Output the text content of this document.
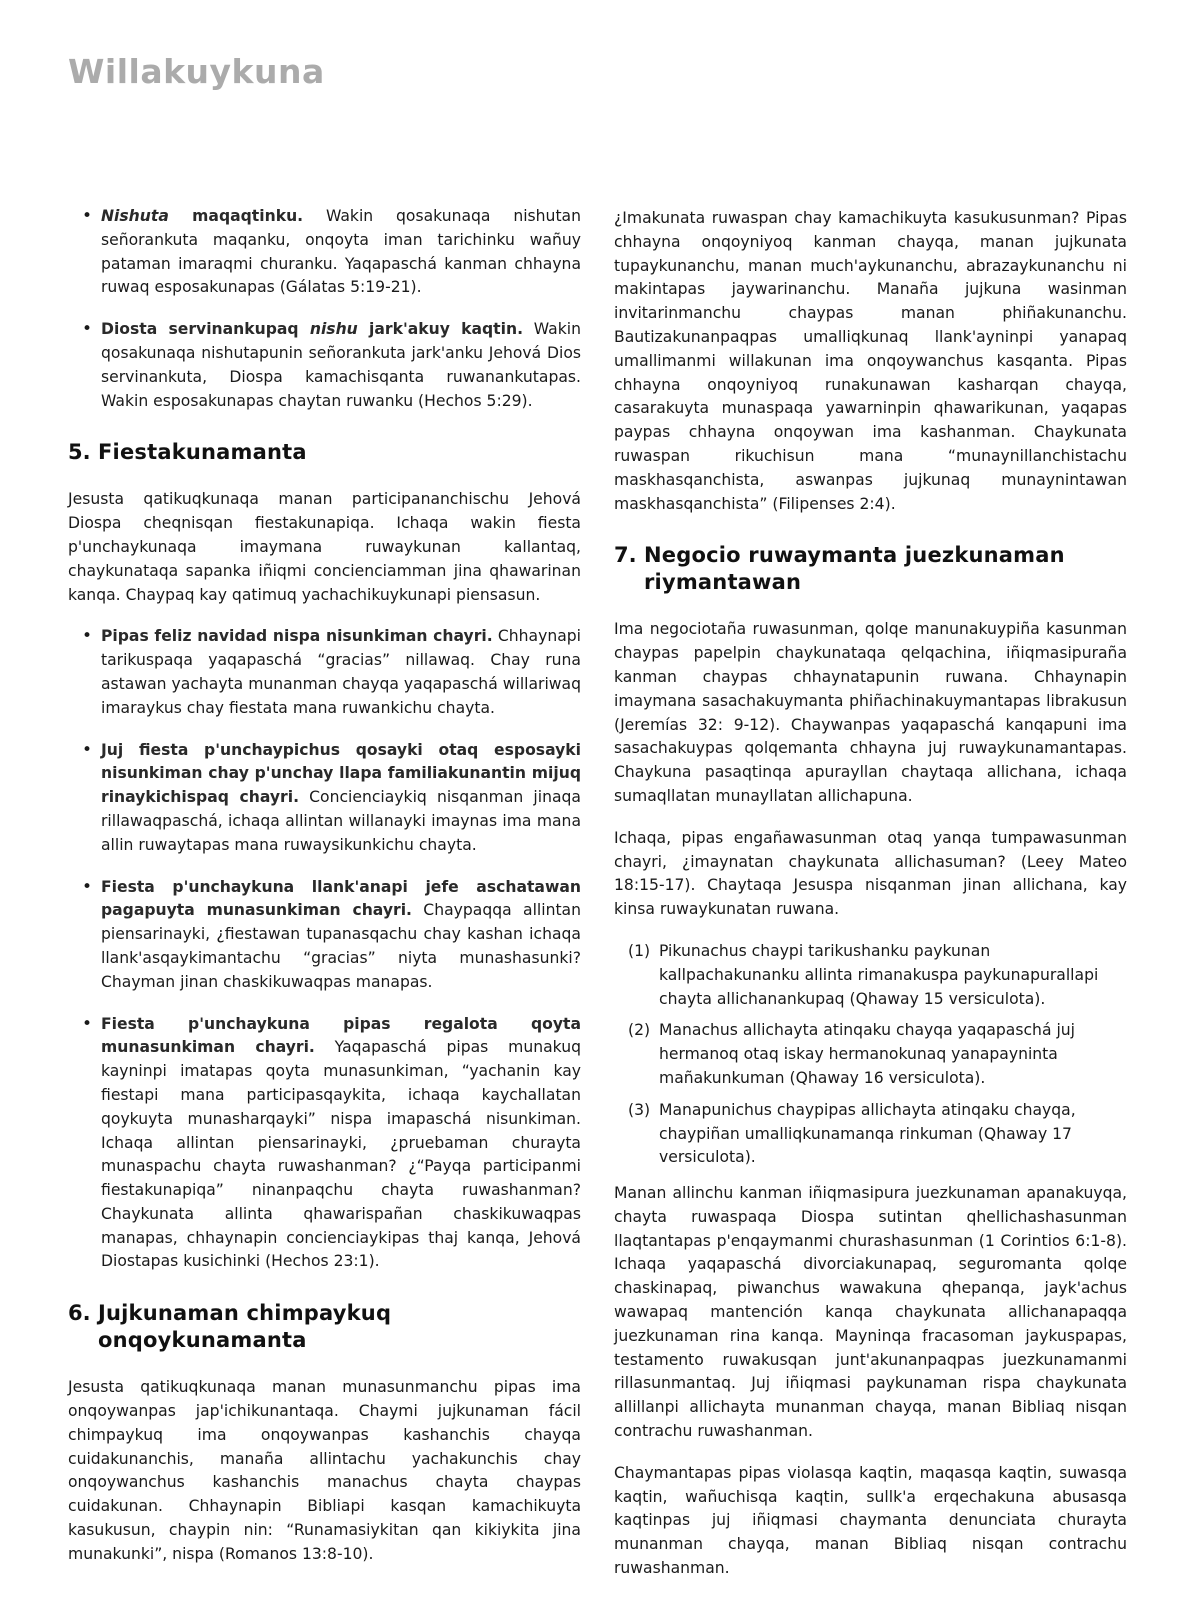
Willakuykuna
• Nishuta maqaqtinku. Wakin qosakunaqa nishutan señorankuta maqanku, onqoyta iman tarichinku wañuy pataman imaraqmi churanku. Yaqapaschá kanman chhayna ruwaq esposakunapas (Gálatas 5:19-21).
• Diosta servinankupaq nishu jark'akuy kaqtin. Wakin qosakunaqa nishutapunin señorankuta jark'anku Jehová Dios servinankuta, Diospa kamachisqanta ruwanankutapas. Wakin esposakunapas chaytan ruwanku (Hechos 5:29).
5. Fiestakunamanta

Jesusta qatikuqkunaqa manan participananchischu Jehová Diospa cheqnisqan fiestakunapiqa. Ichaqa wakin fiesta p'unchaykunaqa imaymana ruwaykunan kallantaq, chaykunataqa sapanka iñiqmi concienciamman jina qhawarinan kanqa. Chaypaq kay qatimuq yachachikuykunapi piensasun.

• Pipas feliz navidad nispa nisunkiman chayri. Chhaynapi tarikuspaqa yaqapaschá “gracias” nillawaq. Chay runa astawan yachayta munanman chayqa yaqapaschá willariwaq imaraykus chay fiestata mana ruwankichu chayta.
• Juj fiesta p'unchaypichus qosayki otaq esposayki nisunkiman chay p'unchay llapa familiakunantin mijuq rinaykichispaq chayri. Concienciaykiq nisqanman jinaqa rillawaqpaschá, ichaqa allintan willanayki imaynas ima mana allin ruwaytapas mana ruwaysikunkichu chayta.
• Fiesta p'unchaykuna llank'anapi jefe aschatawan pagapuyta munasunkiman chayri. Chaypaqqa allintan piensarinayki, ¿fiestawan tupanasqachu chay kashan ichaqa llank'asqaykimantachu “gracias” niyta munashasunki? Chayman jinan chaskikuwaqpas manapas.
• Fiesta p'unchaykuna pipas regalota qoyta munasunkiman chayri. Yaqapaschá pipas munakuq kayninpi imatapas qoyta munasunkiman, “yachanin kay fiestapi mana participasqaykita, ichaqa kaychallatan qoykuyta munasharqayki” nispa imapaschá nisunkiman. Ichaqa allintan piensarinayki, ¿pruebaman churayta munaspachu chayta ruwashanman? ¿“Payqa participanmi fiestakunapiqa” ninanpaqchu chayta ruwashanman? Chaykunata allinta qhawarispañan chaskikuwaqpas manapas, chhaynapin concienciaykipas thaj kanqa, Jehová Diostapas kusichinki (Hechos 23:1).
6. Jujkunaman chimpaykuq onqoykunamanta

Jesusta qatikuqkunaqa manan munasunmanchu pipas ima onqoywanpas jap'ichikunantaqa. Chaymi jujkunaman fácil chimpaykuq ima onqoywanpas kashanchis chayqa cuidakunanchis, manaña allintachu yachakunchis chay onqoywanchus kashanchis manachus chayta chaypas cuidakunan. Chhaynapin Bibliapi kasqan kamachikuyta kasukusun, chaypin nin: “Runamasiykitan qan kikiykita jina munakunki”, nispa (Romanos 13:8-10).

¿Imakunata ruwaspan chay kamachikuyta kasukusunman? Pipas chhayna onqoyniyoq kanman chayqa, manan jujkunata tupaykunanchu, manan much'aykunanchu, abrazaykunanchu ni makintapas jaywarinanchu. Manaña jujkuna wasinman invitarinmanchu chaypas manan phiñakunanchu. Bautizakunanpaqpas umalliqkunaq llank'ayninpi yanapaq umallimanmi willakunan ima onqoywanchus kasqanta. Pipas chhayna onqoyniyoq runakunawan kasharqan chayqa, casarakuyta munaspaqa yawarninpin qhawarikunan, yaqapas paypas chhayna onqoywan ima kashanman. Chaykunata ruwaspan rikuchisun mana “munaynillanchistachu maskhasqanchista, aswanpas jujkunaq munaynintawan maskhasqanchista” (Filipenses 2:4).

7. Negocio ruwaymanta juezkunaman riymantawan

Ima negociotaña ruwasunman, qolqe manunakuypiña kasunman chaypas papelpin chaykunataqa qelqachina, iñiqmasipuraña kanman chaypas chhaynatapunin ruwana. Chhaynapin imaymana sasachakuymanta phiñachinakuymantapas librakusun (Jeremías 32: 9-12). Chaywanpas yaqapaschá kanqapuni ima sasachakuypas qolqemanta chhayna juj ruwaykunamantapas. Chaykuna pasaqtinqa apurayllan chaytaqa allichana, ichaqa sumaqllatan munayllatan allichapuna.

Ichaqa, pipas engañawasunman otaq yanqa tumpawasunman chayri, ¿imaynatan chaykunata allichasuman? (Leey Mateo 18:15-17). Chaytaqa Jesuspa nisqanman jinan allichana, kay kinsa ruwaykunatan ruwana.

(1) Pikunachus chaypi tarikushanku paykunan kallpachakunanku allinta rimanakuspa paykunapurallapi chayta allichanankupaq (Qhaway 15 versiculota).
(2) Manachus allichayta atinqaku chayqa yaqapaschá juj hermanoq otaq iskay hermanokunaq yanapayninta mañakunkuman (Qhaway 16 versiculota).
(3) Manapunichus chaypipas allichayta atinqaku chayqa, chaypiñan umalliqkunamanqa rinkuman (Qhaway 17 versiculota).

Manan allinchu kanman iñiqmasipura juezkunaman apanakuyqa, chayta ruwaspaqa Diospa sutintan qhellichashasunman llaqtantapas p'enqaymanmi churashasunman (1 Corintios 6:1-8). Ichaqa yaqapaschá divorciakunapaq, seguromanta qolqe chaskinapaq, piwanchus wawakuna qhepanqa, jayk'achus wawapaq mantención kanqa chaykunata allichanapaqqa juezkunaman rina kanqa. Mayninqa fracasoman jaykuspapas, testamento ruwakusqan junt'akunanpaqpas juezkunamanmi rillasunmantaq. Juj iñiqmasi paykunaman rispa chaykunata allillanpi allichayta munanman chayqa, manan Bibliaq nisqan contrachu ruwashanman.

Chaymantapas pipas violasqa kaqtin, maqasqa kaqtin, suwasqa kaqtin, wañuchisqa kaqtin, sullk'a erqechakuna abusasqa kaqtinpas juj iñiqmasi chaymanta denunciata churayta munanman chayqa, manan Bibliaq nisqan contrachu ruwashanman.
